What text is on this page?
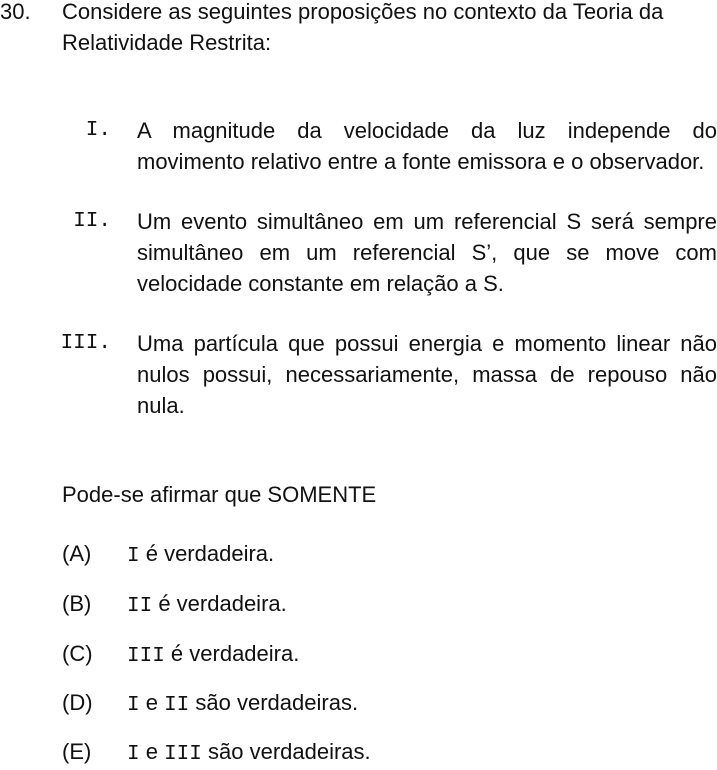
30. Considere as seguintes proposições no contexto da Teoria da Relatividade Restrita:
I. A magnitude da velocidade da luz independe do movimento relativo entre a fonte emissora e o observador.
II. Um evento simultâneo em um referencial S será sempre simultâneo em um referencial S’, que se move com velocidade constante em relação a S.
III. Uma partícula que possui energia e momento linear não nulos possui, necessariamente, massa de repouso não nula.
Pode-se afirmar que SOMENTE
(A) I é verdadeira.
(B) II é verdadeira.
(C) III é verdadeira.
(D) I e II são verdadeiras.
(E) I e III são verdadeiras.
